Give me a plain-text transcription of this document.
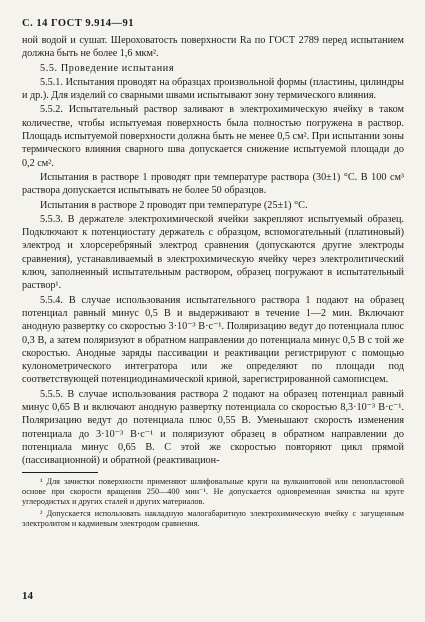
С. 14 ГОСТ 9.914—91

ной водой и сушат. Шероховатость поверхности Ra по ГОСТ 2789 перед испытанием должна быть не более 1,6 мкм².

5.5. Проведение испытания

5.5.1. Испытания проводят на образцах произвольной формы (пластины, цилиндры и др.). Для изделий со сварными швами испытывают зону термического влияния.

5.5.2. Испытательный раствор заливают в электрохимическую ячейку в таком количестве, чтобы испытуемая поверхность была полностью погружена в раствор. Площадь испытуемой поверхности должна быть не менее 0,5 см². При испытании зоны термического влияния сварного шва допускается снижение испытуемой площади до 0,2 см².

Испытания в растворе 1 проводят при температуре раствора (30±1) °С. В 100 см³ раствора допускается испытывать не более 50 образцов.

Испытания в растворе 2 проводят при температуре (25±1) °С.

5.5.3. В держателе электрохимической ячейки закрепляют испытуемый образец. Подключают к потенциостату держатель с образцом, вспомогательный (платиновый) электрод и хлорсеребряный электрод сравнения (допускаются другие электроды сравнения), устанавливаемый в электрохимическую ячейку через электролитический ключ, заполненный испытательным раствором, образец погружают в испытательный раствор¹.

5.5.4. В случае использования испытательного раствора 1 подают на образец потенциал равный минус 0,5 В и выдерживают в течение 1—2 мин. Включают анодную развертку со скоростью 3·10⁻³ В·с⁻¹. Поляризацию ведут до потенциала плюс 0,3 В, а затем поляризуют в обратном направлении до потенциала минус 0,5 В с той же скоростью. Анодные заряды пассивации и реактивации регистрируют с помощью кулонометрического интегратора или же определяют по площади под соответствующей потенциодинамической кривой, зарегистрированной самописцем.

5.5.5. В случае использования раствора 2 подают на образец потенциал равный минус 0,65 В и включают анодную развертку потенциала со скоростью 8,3·10⁻³ В·с⁻¹. Поляризацию ведут до потенциала плюс 0,55 В. Уменьшают скорость изменения потенциала до 3·10⁻³ В·с⁻¹ и поляризуют образец в обратном направлении до потенциала минус 0,65 В. С этой же скоростью повторяют цикл прямой (пассивационной) и обратной (реактивацион-

¹ Для зачистки поверхности применяют шлифовальные круги на вулканитовой или пенопластовой основе при скорости вращения 250—400 мин⁻¹. Не допускается одновременная зачистка на круге углеродистых и других сталей и других материалов.

² Допускается использовать накладную малогабаритную электрохимическую ячейку с загущенным электролитом и кадмиевым электродом сравнения.

14
